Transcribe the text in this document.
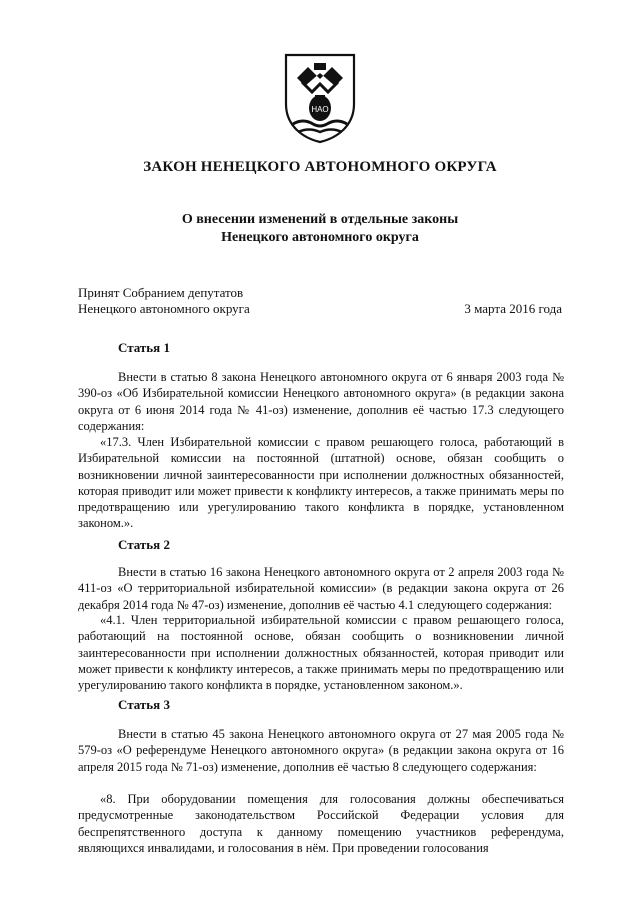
НАО
ЗАКОН НЕНЕЦКОГО АВТОНОМНОГО ОКРУГА
О внесении изменений в отдельные законы
Ненецкого автономного округа
Принят Собранием депутатов
Ненецкого автономного округа	3 марта 2016 года
Статья 1

Внести в статью 8 закона Ненецкого автономного округа от 6 января 2003 года № 390-оз «Об Избирательной комиссии Ненецкого автономного округа» (в редакции закона округа от 6 июня 2014 года № 41-оз) изменение, дополнив её частью 17.3 следующего содержания:

«17.3. Член Избирательной комиссии с правом решающего голоса, работающий в Избирательной комиссии на постоянной (штатной) основе, обязан сообщить о возникновении личной заинтересованности при исполнении должностных обязанностей, которая приводит или может привести к конфликту интересов, а также принимать меры по предотвращению или урегулированию такого конфликта в порядке, установленном законом.».

Статья 2

Внести в статью 16 закона Ненецкого автономного округа от 2 апреля 2003 года № 411-оз «О территориальной избирательной комиссии» (в редакции закона округа от 26 декабря 2014 года № 47-оз) изменение, дополнив её частью 4.1 следующего содержания:

«4.1. Член территориальной избирательной комиссии с правом решающего голоса, работающий на постоянной основе, обязан сообщить о возникновении личной заинтересованности при исполнении должностных обязанностей, которая приводит или может привести к конфликту интересов, а также принимать меры по предотвращению или урегулированию такого конфликта в порядке, установленном законом.».

Статья 3

Внести в статью 45 закона Ненецкого автономного округа от 27 мая 2005 года № 579-оз «О референдуме Ненецкого автономного округа» (в редакции закона округа от 16 апреля 2015 года № 71-оз) изменение, дополнив её частью 8 следующего содержания:

«8. При оборудовании помещения для голосования должны обеспечиваться предусмотренные законодательством Российской Федерации условия для беспрепятственного доступа к данному помещению участников референдума, являющихся инвалидами, и голосования в нём. При проведении голосования
